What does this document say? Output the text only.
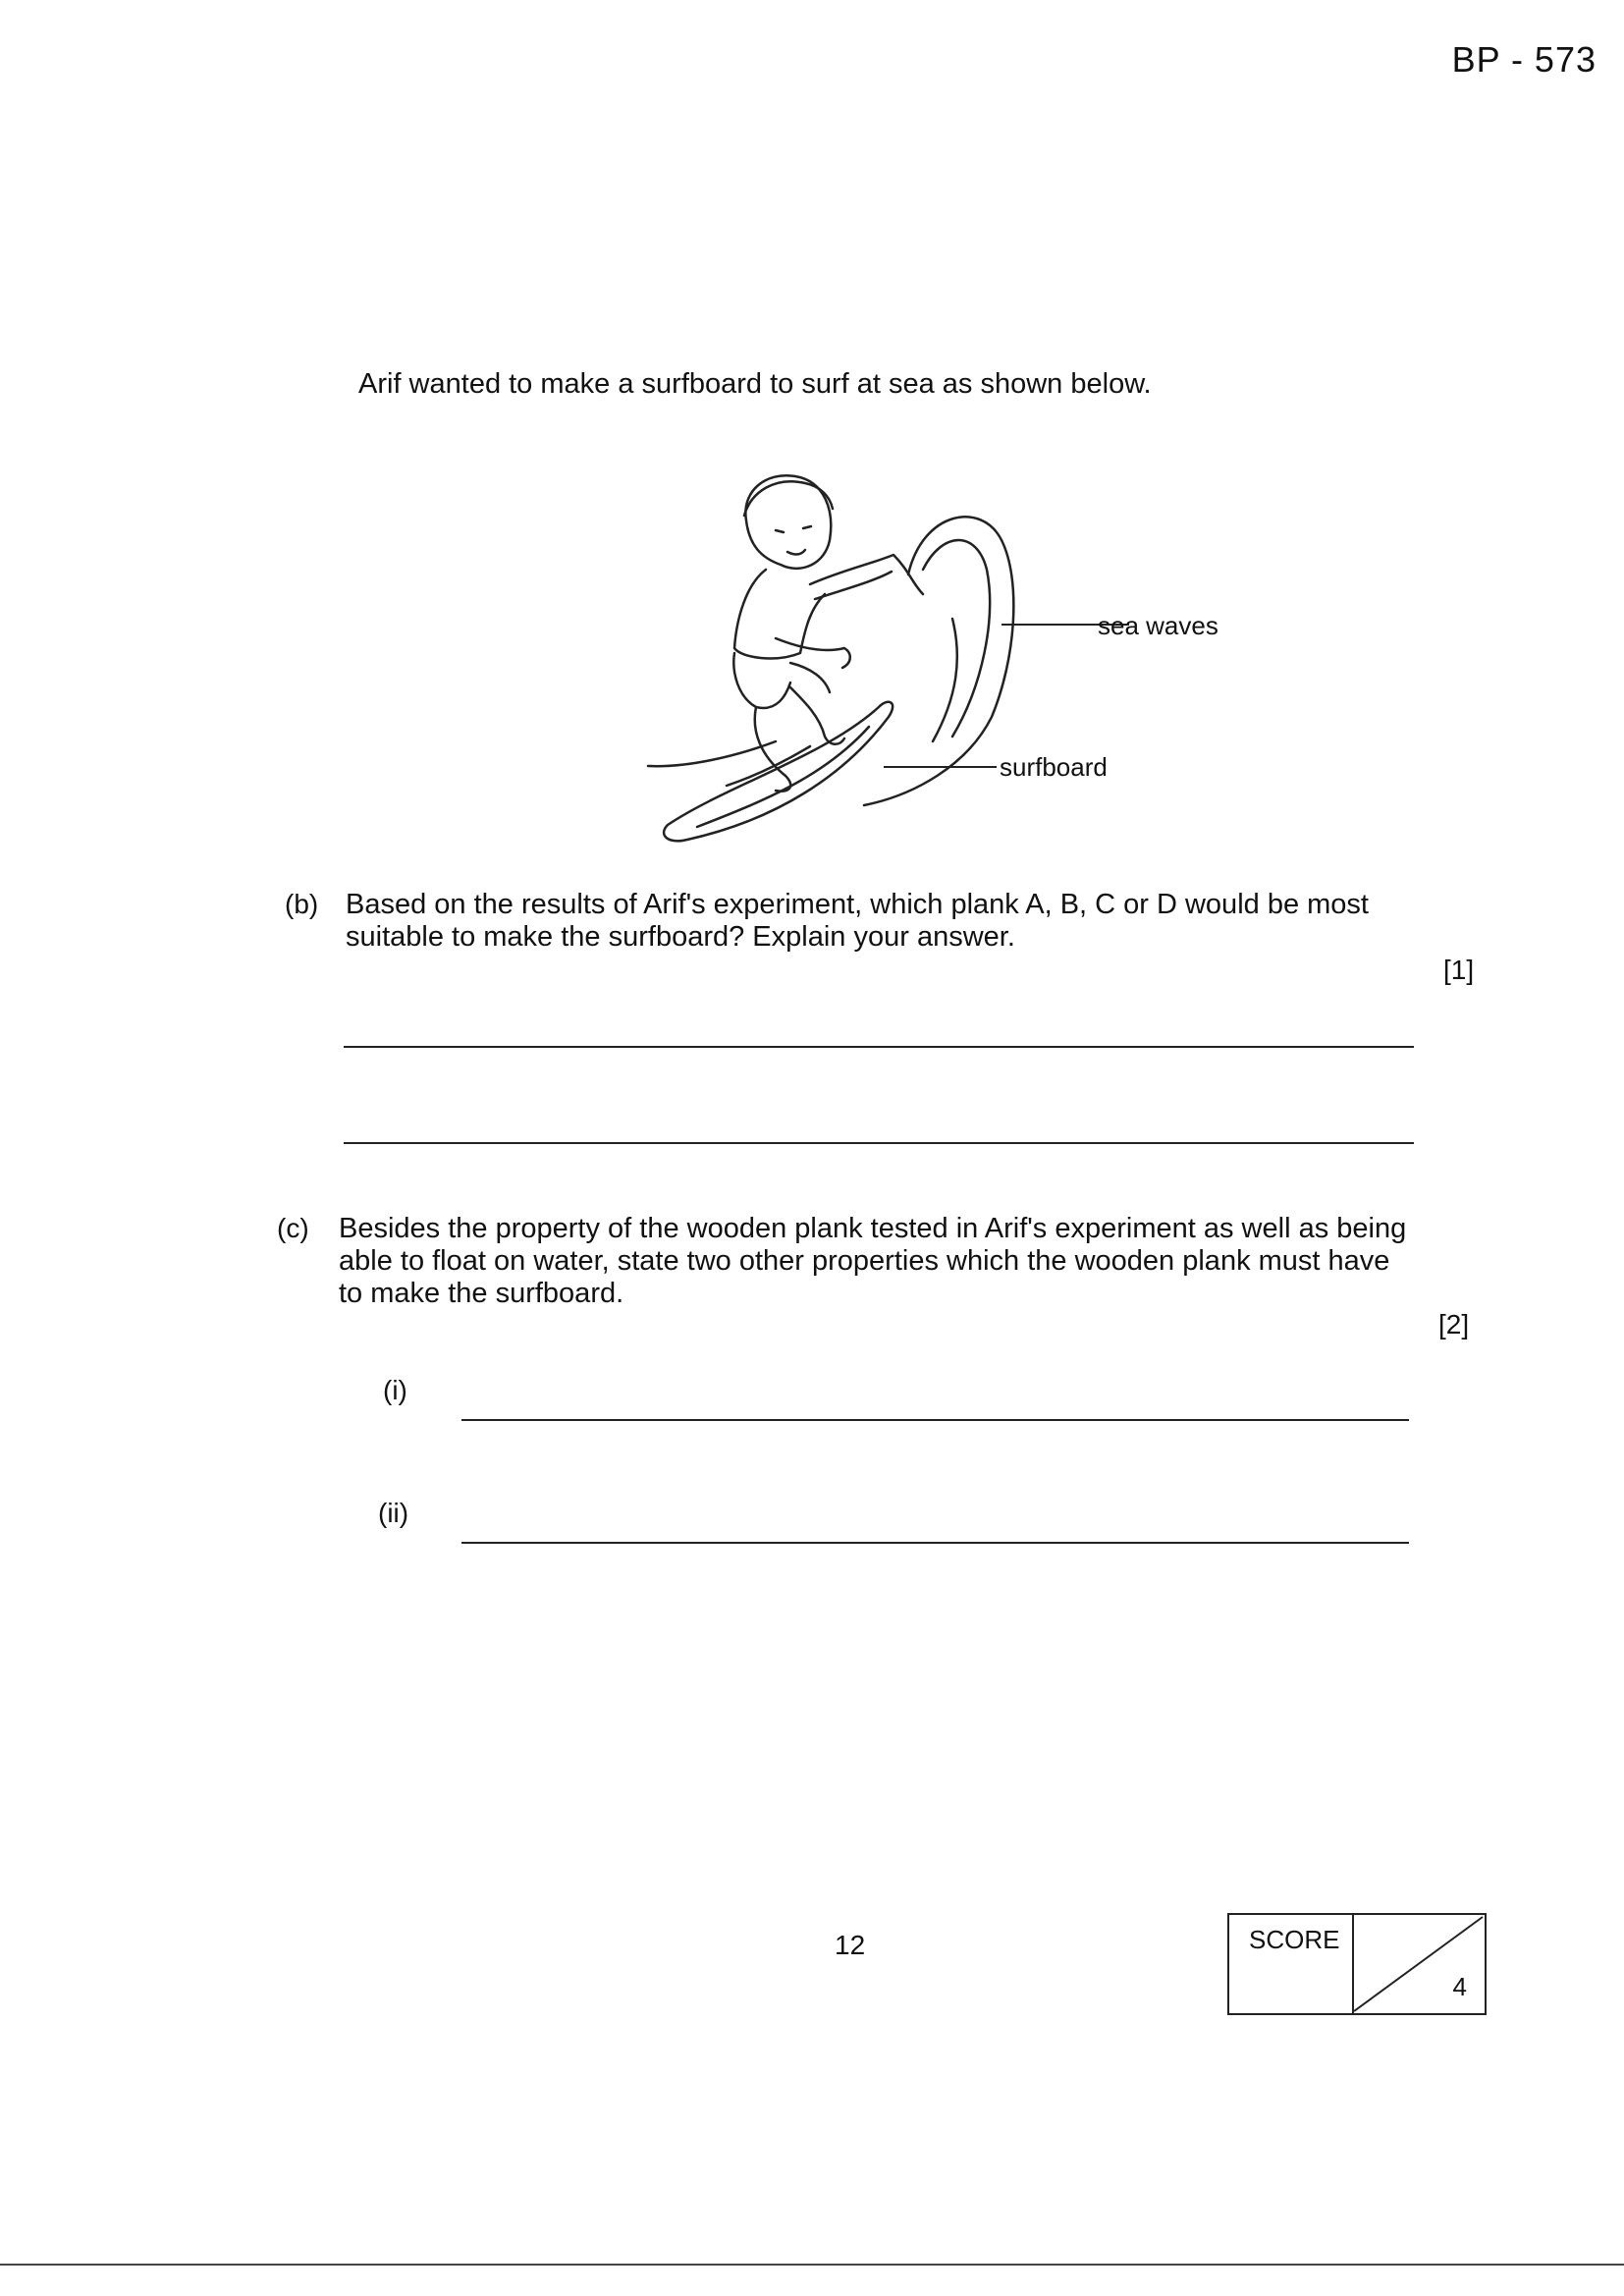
BP - 573
Arif wanted to make a surfboard to surf at sea as shown below.
sea waves
surfboard
(b) Based on the results of Arif's experiment, which plank A, B, C or D would be most
suitable to make the surfboard? Explain your answer.
[1]
(c) Besides the property of the wooden plank tested in Arif's experiment as well as being
able to float on water, state two other properties which the wooden plank must have
to make the surfboard.
[2]
(i)
(ii)
12	SCORE
4
